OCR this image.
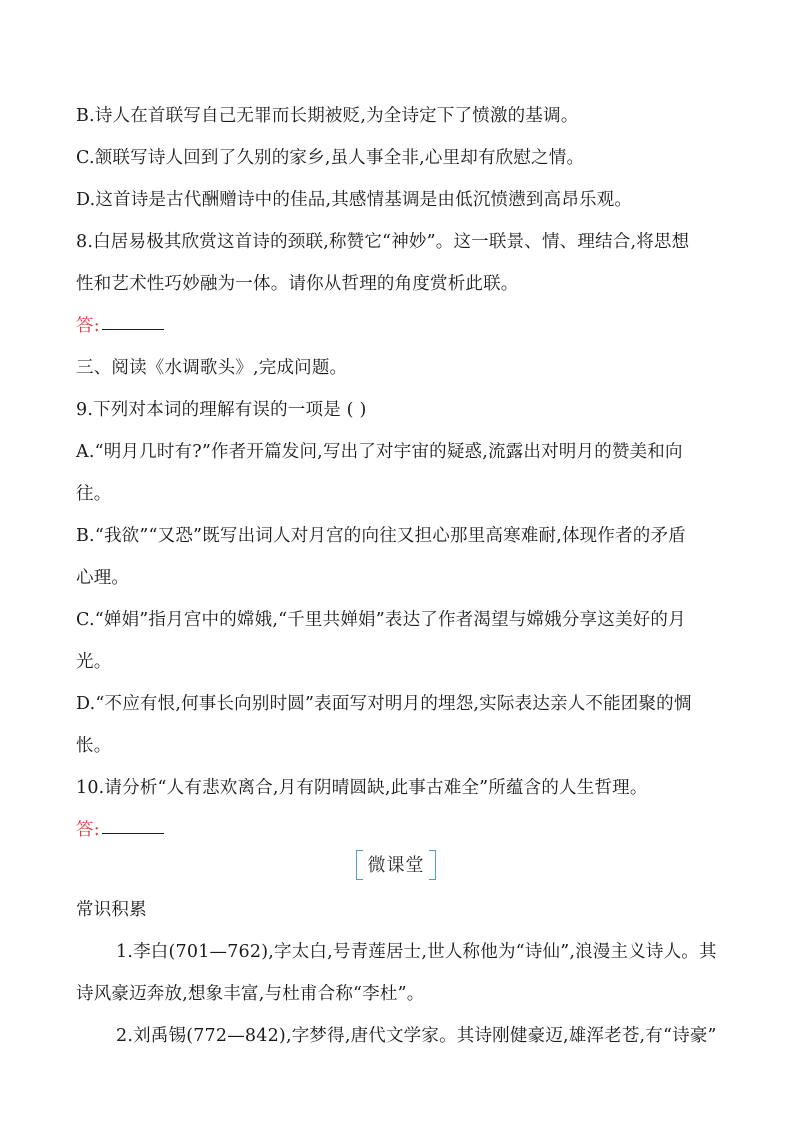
B.诗人在首联写自己无罪而长期被贬,为全诗定下了愤激的基调。
C.颔联写诗人回到了久别的家乡,虽人事全非,心里却有欣慰之情。
D.这首诗是古代酬赠诗中的佳品,其感情基调是由低沉愤懑到高昂乐观。
8.白居易极其欣赏这首诗的颈联,称赞它“神妙”。这一联景、情、理结合,将思想
性和艺术性巧妙融为一体。请你从哲理的角度赏析此联。
答:
三、阅读《水调歌头》,完成问题。
9.下列对本词的理解有误的一项是 ( )
A.“明月几时有?”作者开篇发问,写出了对宇宙的疑惑,流露出对明月的赞美和向
往。
B.“我欲”“又恐”既写出词人对月宫的向往又担心那里高寒难耐,体现作者的矛盾
心理。
C.“婵娟”指月宫中的嫦娥,“千里共婵娟”表达了作者渴望与嫦娥分享这美好的月
光。
D.“不应有恨,何事长向别时圆”表面写对明月的埋怨,实际表达亲人不能团聚的惆
怅。
10.请分析“人有悲欢离合,月有阴晴圆缺,此事古难全”所蕴含的人生哲理。
答:
微课堂
常识积累
1.李白(701—762),字太白,号青莲居士,世人称他为“诗仙”,浪漫主义诗人。其
诗风豪迈奔放,想象丰富,与杜甫合称“李杜”。
2.刘禹锡(772—842),字梦得,唐代文学家。其诗刚健豪迈,雄浑老苍,有“诗豪”
